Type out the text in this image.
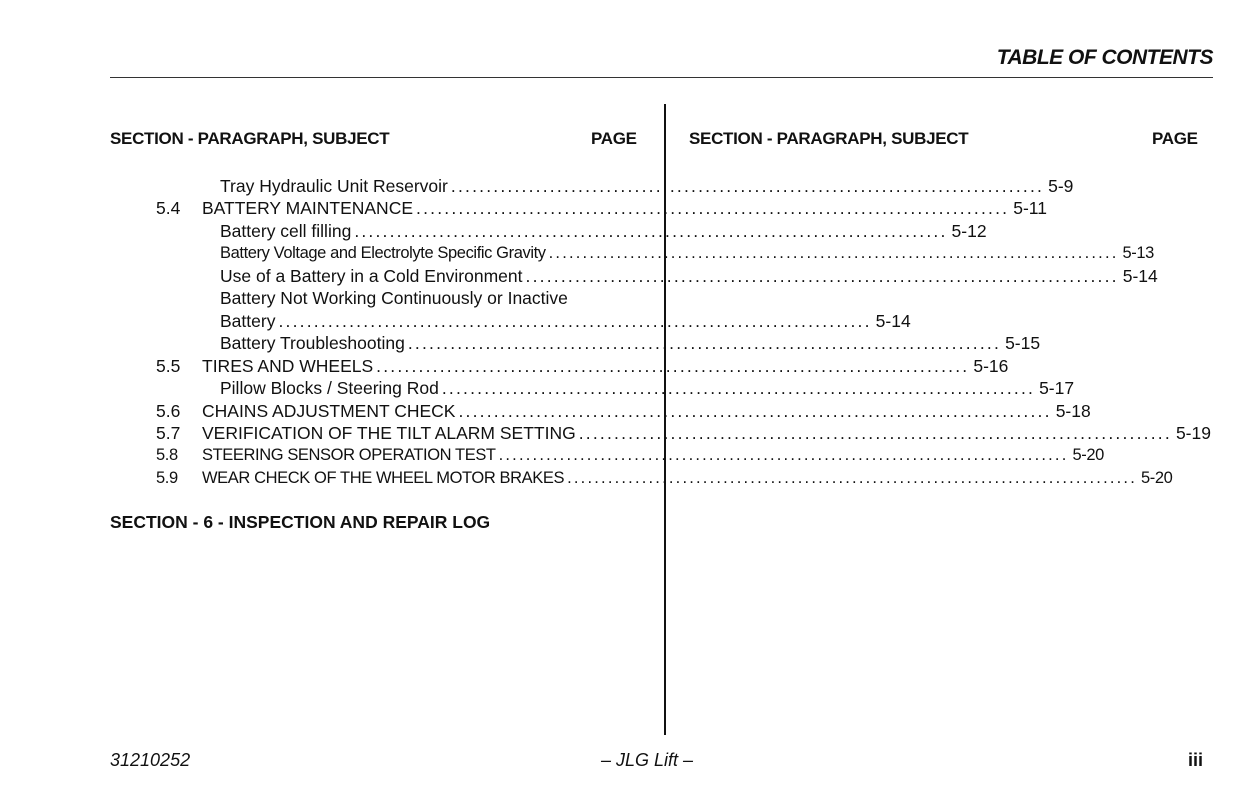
TABLE OF CONTENTS
SECTION - PARAGRAPH, SUBJECT	PAGE	SECTION - PARAGRAPH, SUBJECT	PAGE
Tray Hydraulic Unit Reservoir .................................................................................... 5-9
5.4 BATTERY MAINTENANCE .................................................................................... 5-11
Battery cell filling .................................................................................... 5-12
Battery Voltage and Electrolyte Specific Gravity .................................................................................... 5-13
Use of a Battery in a Cold Environment .................................................................................... 5-14
Battery Not Working Continuously or Inactive
Battery .................................................................................... 5-14
Battery Troubleshooting .................................................................................... 5-15
5.5 TIRES AND WHEELS .................................................................................... 5-16
Pillow Blocks / Steering Rod .................................................................................... 5-17
5.6 CHAINS ADJUSTMENT CHECK .................................................................................... 5-18
5.7 VERIFICATION OF THE TILT ALARM SETTING .................................................................................... 5-19
5.8 STEERING SENSOR OPERATION TEST .................................................................................... 5-20
5.9 WEAR CHECK OF THE WHEEL MOTOR BRAKES .................................................................................... 5-20
SECTION - 6 - INSPECTION AND REPAIR LOG
31210252	– JLG Lift –	iii
